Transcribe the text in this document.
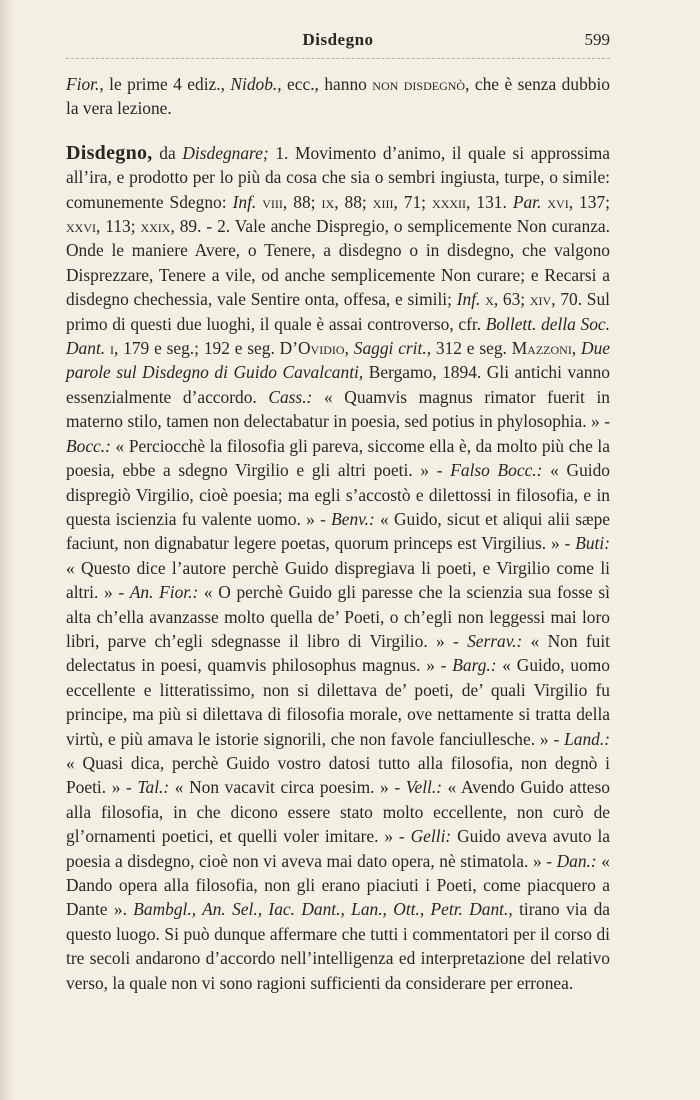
Disdegno	599

Fior., le prime 4 ediz., Nidob., ecc., hanno non disdegnò, che è senza dubbio la vera lezione.

Disdegno, da Disdegnare; 1. Movimento d’animo, il quale si approssima all’ira, e prodotto per lo più da cosa che sia o sembri ingiusta, turpe, o simile: comunemente Sdegno: Inf. viii, 88; ix, 88; xiii, 71; xxxii, 131. Par. xvi, 137; xxvi, 113; xxix, 89. - 2. Vale anche Dispregio, o semplicemente Non curanza. Onde le maniere Avere, o Tenere, a disdegno o in disdegno, che valgono Disprezzare, Tenere a vile, od anche semplicemente Non curare; e Recarsi a disdegno chechessia, vale Sentire onta, offesa, e simili; Inf. x, 63; xiv, 70. Sul primo di questi due luoghi, il quale è assai controverso, cfr. Bollett. della Soc. Dant. i, 179 e seg.; 192 e seg. D’Ovidio, Saggi crit., 312 e seg. Mazzoni, Due parole sul Disdegno di Guido Cavalcanti, Bergamo, 1894. Gli antichi vanno essenzialmente d’accordo. Cass.: « Quamvis magnus rimator fuerit in materno stilo, tamen non delectabatur in poesia, sed potius in phylosophia. » - Bocc.: « Perciocchè la filosofia gli pareva, siccome ella è, da molto più che la poesia, ebbe a sdegno Virgilio e gli altri poeti. » - Falso Bocc.: « Guido dispregiò Virgilio, cioè poesia; ma egli s’accostò e dilettossi in filosofia, e in questa iscienzia fu valente uomo. » - Benv.: « Guido, sicut et aliqui alii sæpe faciunt, non dignabatur legere poetas, quorum princeps est Virgilius. » - Buti: « Questo dice l’autore perchè Guido dispregiava li poeti, e Virgilio come li altri. » - An. Fior.: « O perchè Guido gli paresse che la scienzia sua fosse sì alta ch’ella avanzasse molto quella de’ Poeti, o ch’egli non leggessi mai loro libri, parve ch’egli sdegnasse il libro di Virgilio. » - Serrav.: « Non fuit delectatus in poesi, quamvis philosophus magnus. » - Barg.: « Guido, uomo eccellente e litteratissimo, non si dilettava de’ poeti, de’ quali Virgilio fu principe, ma più si dilettava di filosofia morale, ove nettamente si tratta della virtù, e più amava le istorie signorili, che non favole fanciullesche. » - Land.: « Quasi dica, perchè Guido vostro datosi tutto alla filosofia, non degnò i Poeti. » - Tal.: « Non vacavit circa poesim. » - Vell.: « Avendo Guido atteso alla filosofia, in che dicono essere stato molto eccellente, non curò de gl’ornamenti poetici, et quelli voler imitare. » - Gelli: Guido aveva avuto la poesia a disdegno, cioè non vi aveva mai dato opera, nè stimatola. » - Dan.: « Dando opera alla filosofia, non gli erano piaciuti i Poeti, come piacquero a Dante ». Bambgl., An. Sel., Iac. Dant., Lan., Ott., Petr. Dant., tirano via da questo luogo. Si può dunque affermare che tutti i commentatori per il corso di tre secoli andarono d’accordo nell’intelligenza ed interpretazione del relativo verso, la quale non vi sono ragioni sufficienti da considerare per erronea.
